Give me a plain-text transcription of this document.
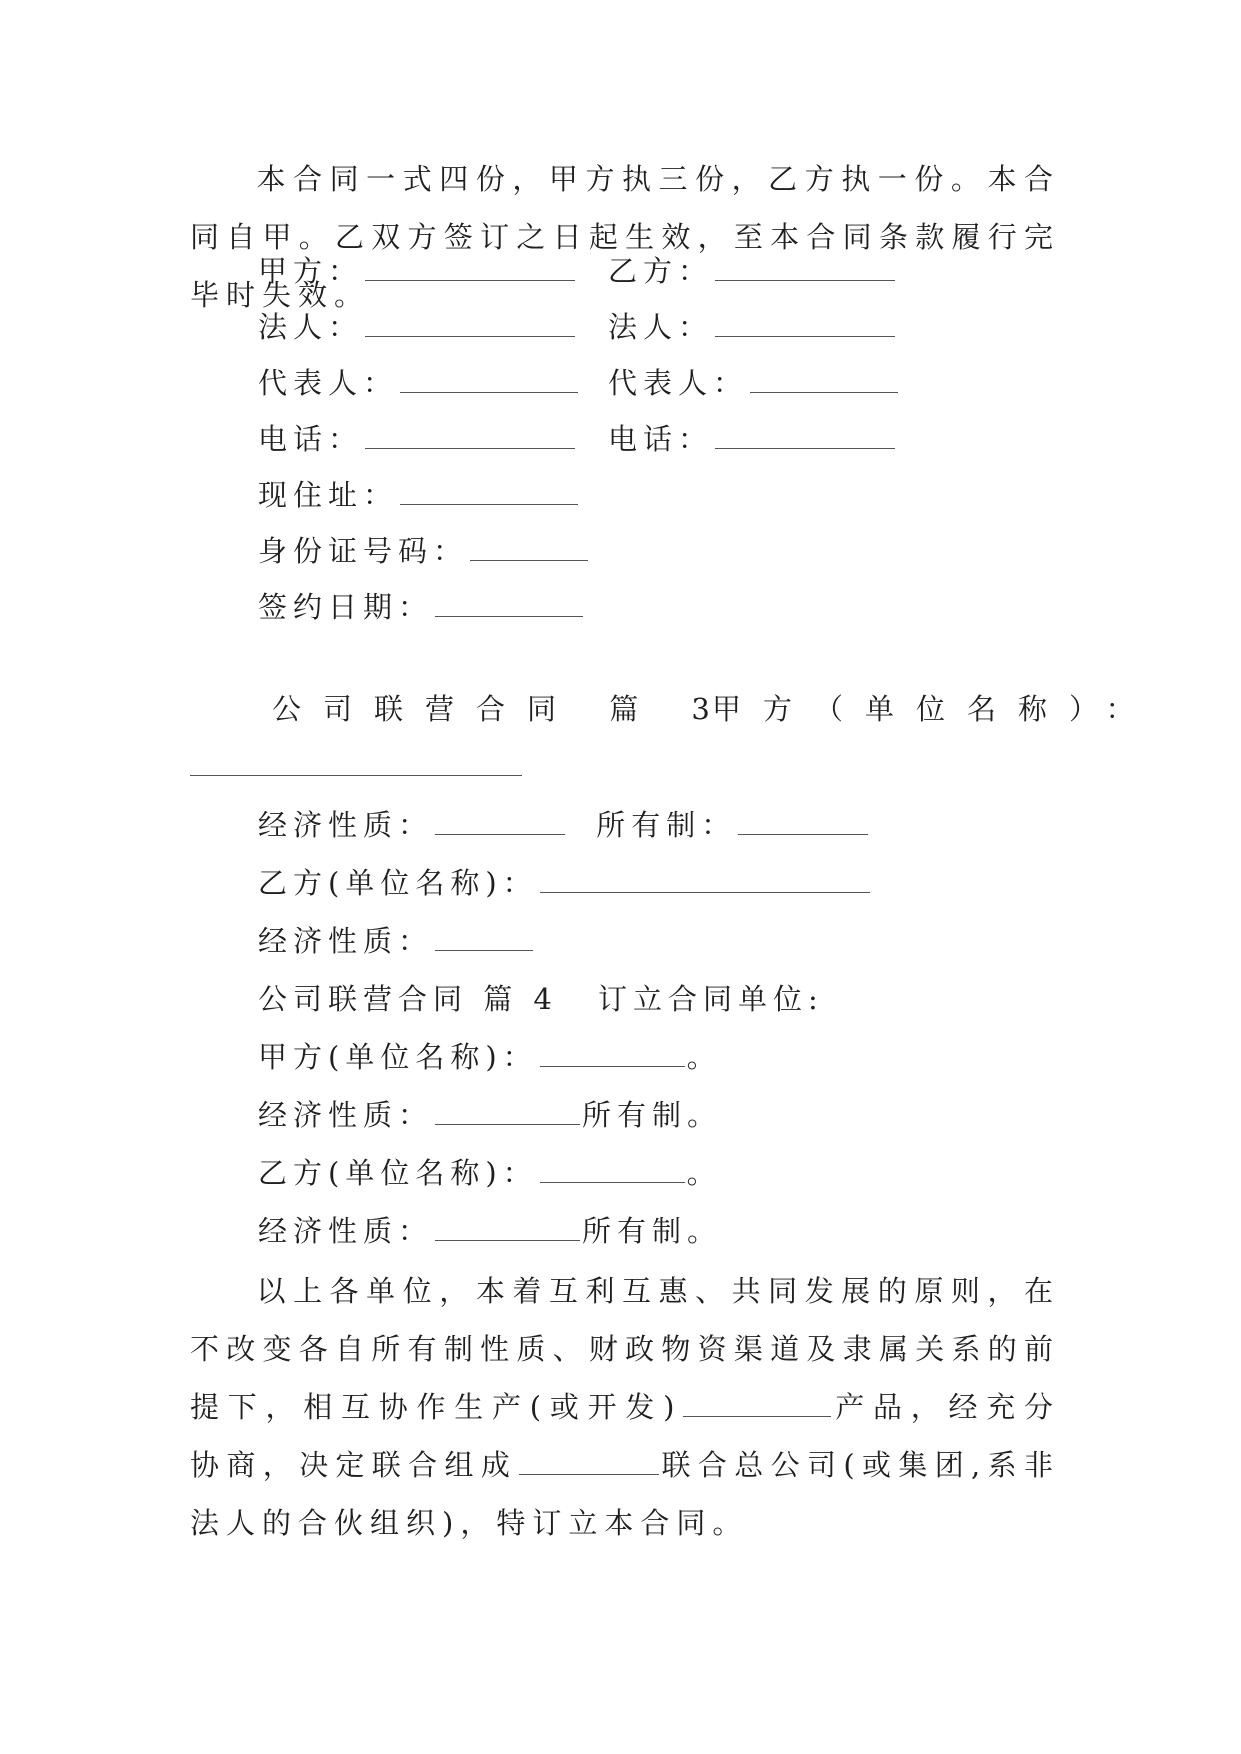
本合同一式四份，甲方执三份，乙方执一份。本合同自甲。乙双方签订之日起生效，至本合同条款履行完毕时失效。
甲方：	乙方：
法人：	法人：
代表人：	代表人：
电话：	电话：
现住址：
身份证号码：
签约日期：
公司联营合同 篇 3
甲方（单位名称）：
经济性质：	所有制：
乙方(单位名称)：
经济性质：
公司联营合同 篇 4 订立合同单位:
甲方(单位名称)：	。
经济性质：	所有制。
乙方(单位名称)：	。
经济性质：	所有制。
以上各单位，本着互利互惠、共同发展的原则，在不改变各自所有制性质、财政物资渠道及隶属关系的前提下，相互协作生产(或开发)	产品，经充分协商，决定联合组成	联合总公司(或集团,系非法人的合伙组织)，特订立本合同。
